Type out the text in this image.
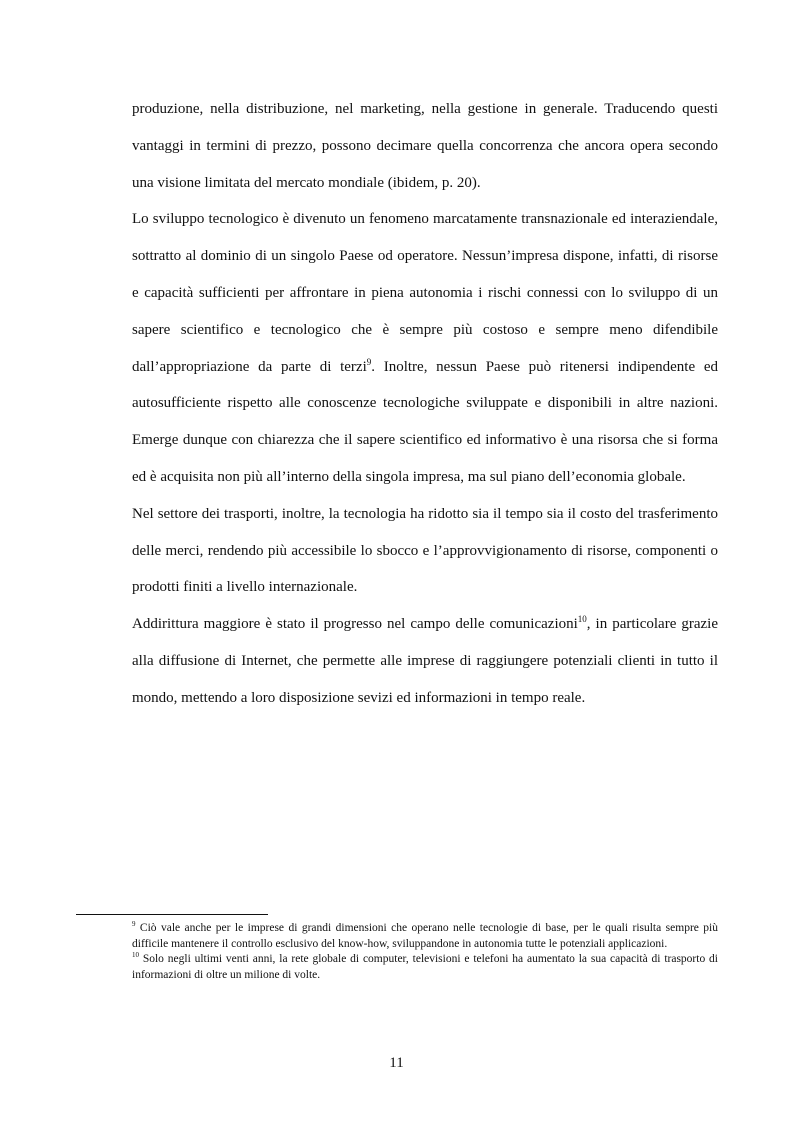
produzione, nella distribuzione, nel marketing, nella gestione in generale. Traducendo questi vantaggi in termini di prezzo, possono decimare quella concorrenza che ancora opera secondo una visione limitata del mercato mondiale (ibidem, p. 20).

Lo sviluppo tecnologico è divenuto un fenomeno marcatamente transnazionale ed interaziendale, sottratto al dominio di un singolo Paese od operatore. Nessun’impresa dispone, infatti, di risorse e capacità sufficienti per affrontare in piena autonomia i rischi connessi con lo sviluppo di un sapere scientifico e tecnologico che è sempre più costoso e sempre meno difendibile dall’appropriazione da parte di terzi$^9$. Inoltre, nessun Paese può ritenersi indipendente ed autosufficiente rispetto alle conoscenze tecnologiche sviluppate e disponibili in altre nazioni. Emerge dunque con chiarezza che il sapere scientifico ed informativo è una risorsa che si forma ed è acquisita non più all’interno della singola impresa, ma sul piano dell’economia globale.

Nel settore dei trasporti, inoltre, la tecnologia ha ridotto sia il tempo sia il costo del trasferimento delle merci, rendendo più accessibile lo sbocco e l’approvvigionamento di risorse, componenti o prodotti finiti a livello internazionale.

Addirittura maggiore è stato il progresso nel campo delle comunicazioni$^{10}$, in particolare grazie alla diffusione di Internet, che permette alle imprese di raggiungere potenziali clienti in tutto il mondo, mettendo a loro disposizione sevizi ed informazioni in tempo reale.

$^9$ Ciò vale anche per le imprese di grandi dimensioni che operano nelle tecnologie di base, per le quali risulta sempre più difficile mantenere il controllo esclusivo del know-how, sviluppandone in autonomia tutte le potenziali applicazioni.

$^{10}$ Solo negli ultimi venti anni, la rete globale di computer, televisioni e telefoni ha aumentato la sua capacità di trasporto di informazioni di oltre un milione di volte.

11
